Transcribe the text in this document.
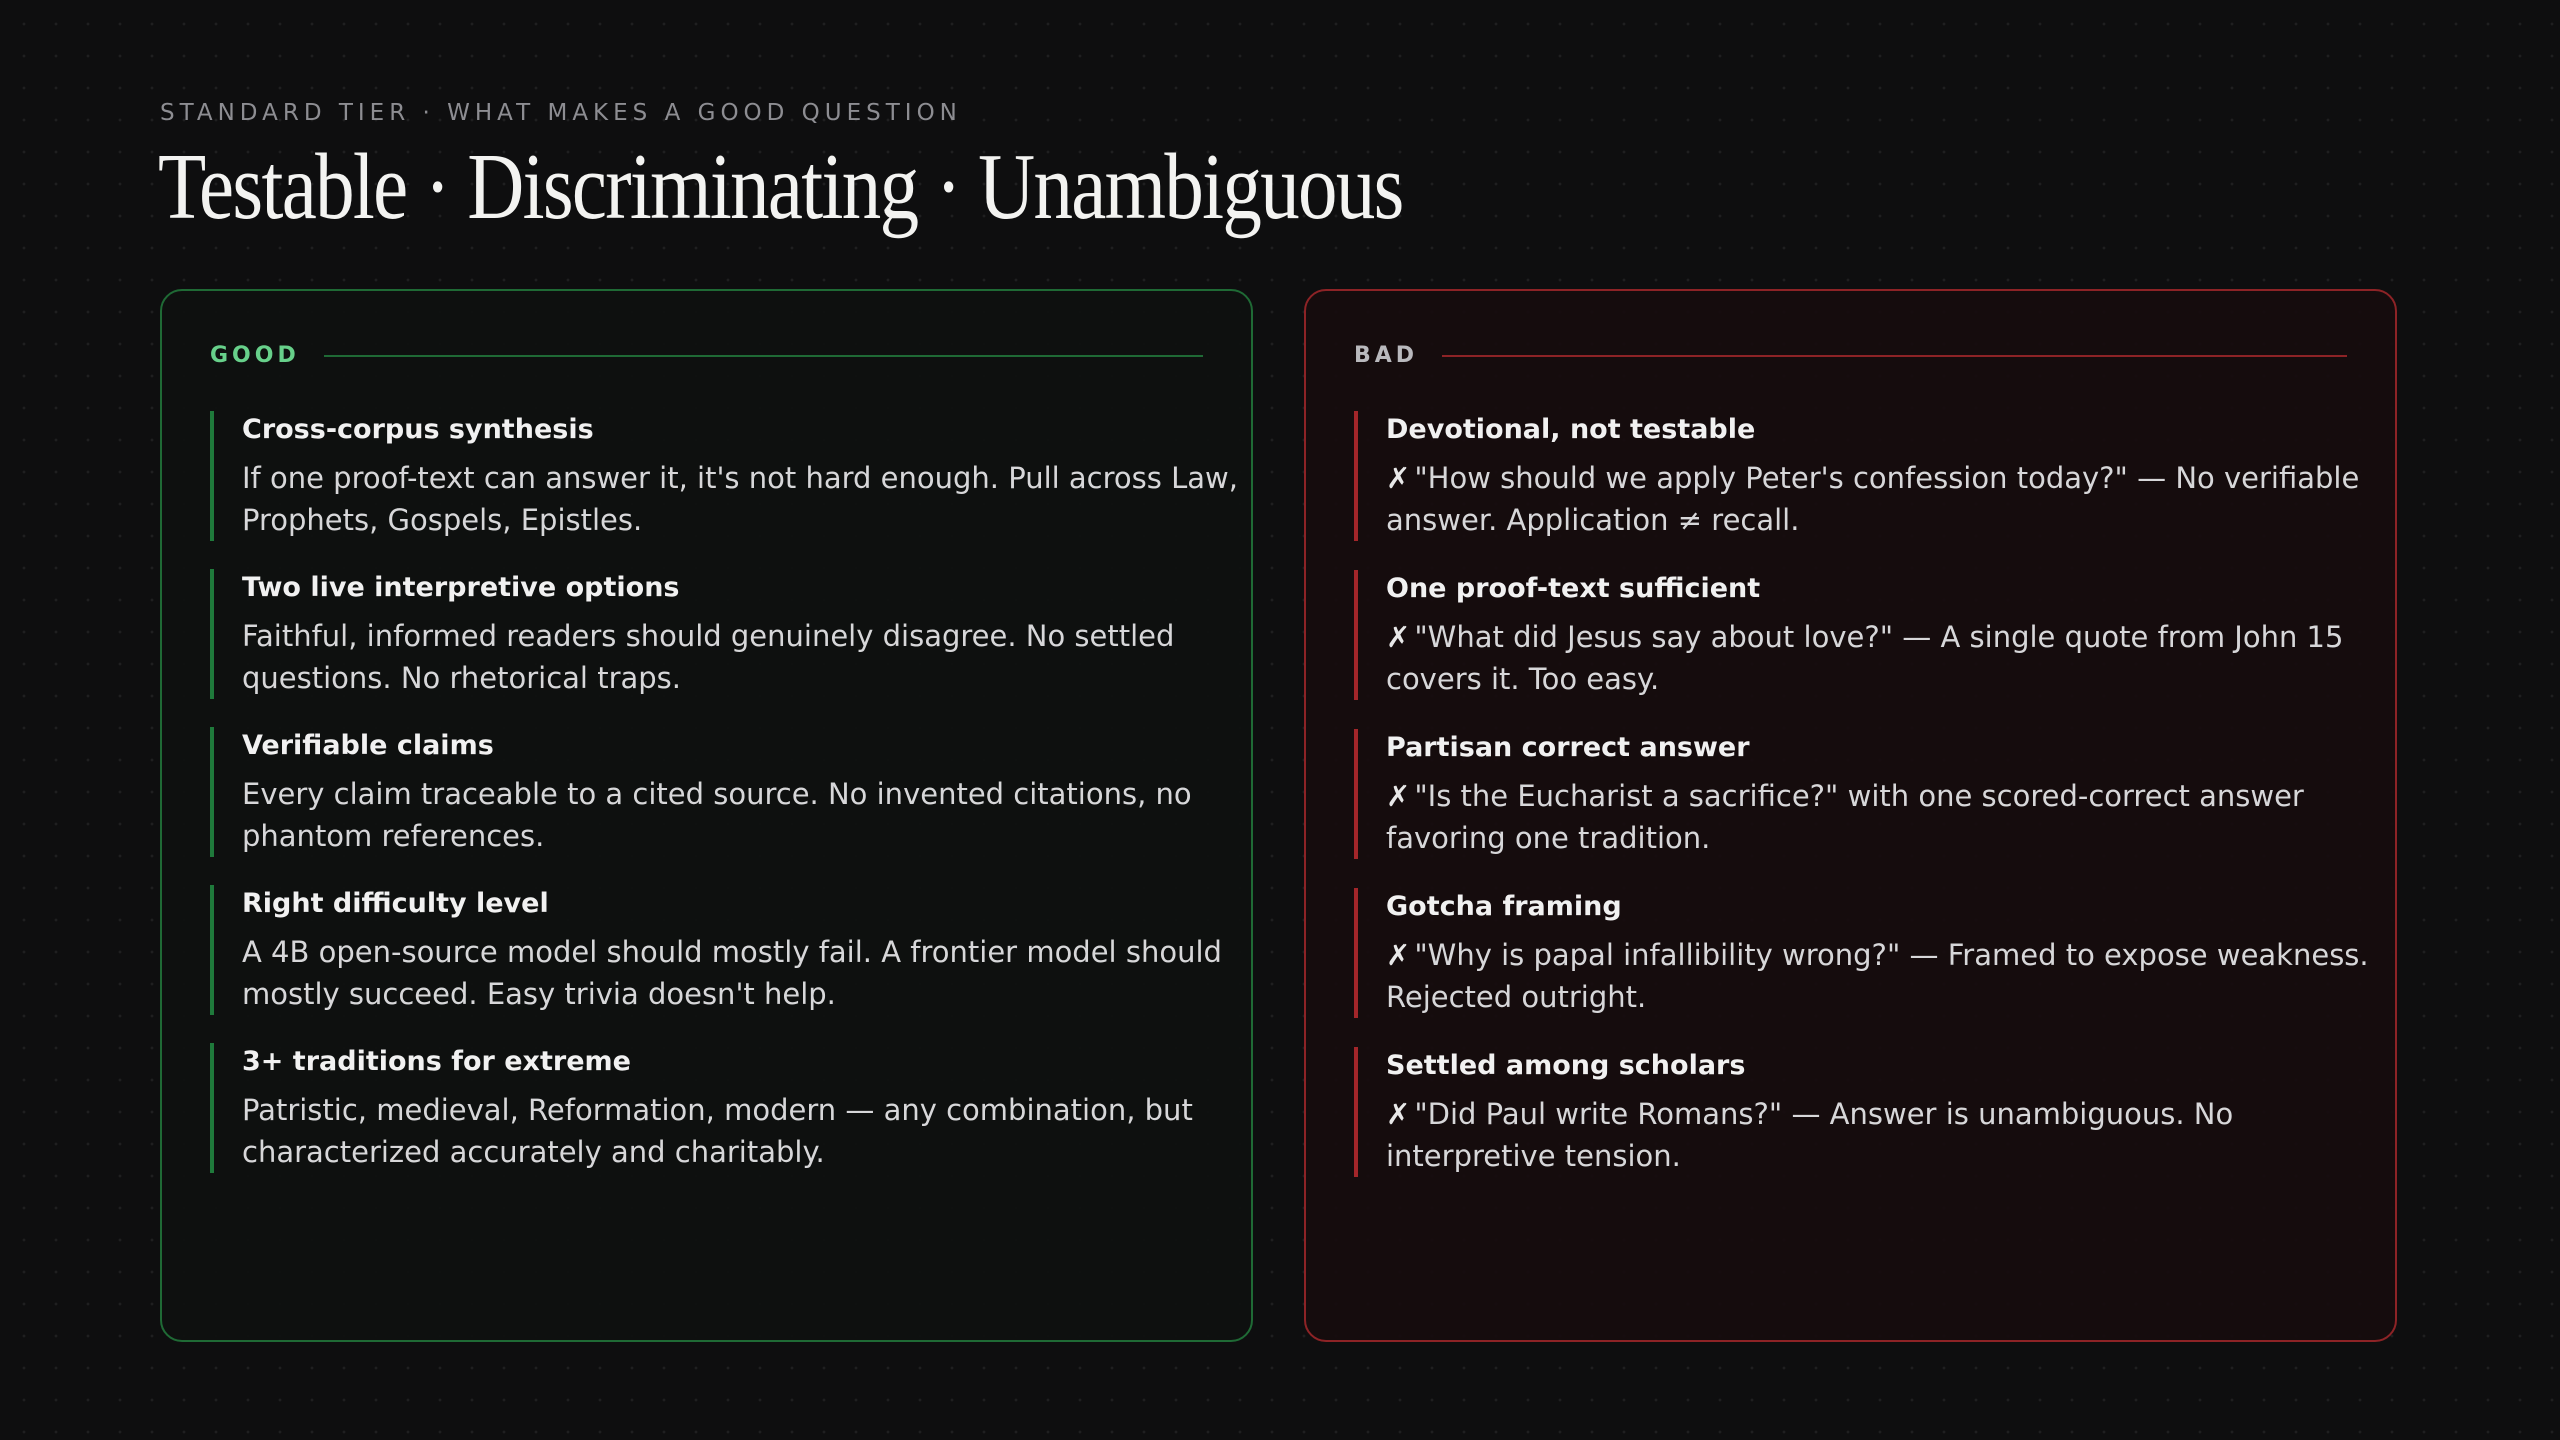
STANDARD TIER · WHAT MAKES A GOOD QUESTION
Testable · Discriminating · Unambiguous
GOOD
Cross-corpus synthesis
If one proof-text can answer it, it's not hard enough. Pull across Law, Prophets, Gospels, Epistles.
Two live interpretive options
Faithful, informed readers should genuinely disagree. No settled questions. No rhetorical traps.
Verifiable claims
Every claim traceable to a cited source. No invented citations, no phantom references.
Right difficulty level
A 4B open-source model should mostly fail. A frontier model should mostly succeed. Easy trivia doesn't help.
3+ traditions for extreme
Patristic, medieval, Reformation, modern — any combination, but characterized accurately and charitably.
BAD
Devotional, not testable
✗ "How should we apply Peter's confession today?" — No verifiable answer. Application ≠ recall.
One proof-text sufficient
✗ "What did Jesus say about love?" — A single quote from John 15 covers it. Too easy.
Partisan correct answer
✗ "Is the Eucharist a sacrifice?" with one scored-correct answer favoring one tradition.
Gotcha framing
✗ "Why is papal infallibility wrong?" — Framed to expose weakness. Rejected outright.
Settled among scholars
✗ "Did Paul write Romans?" — Answer is unambiguous. No interpretive tension.
